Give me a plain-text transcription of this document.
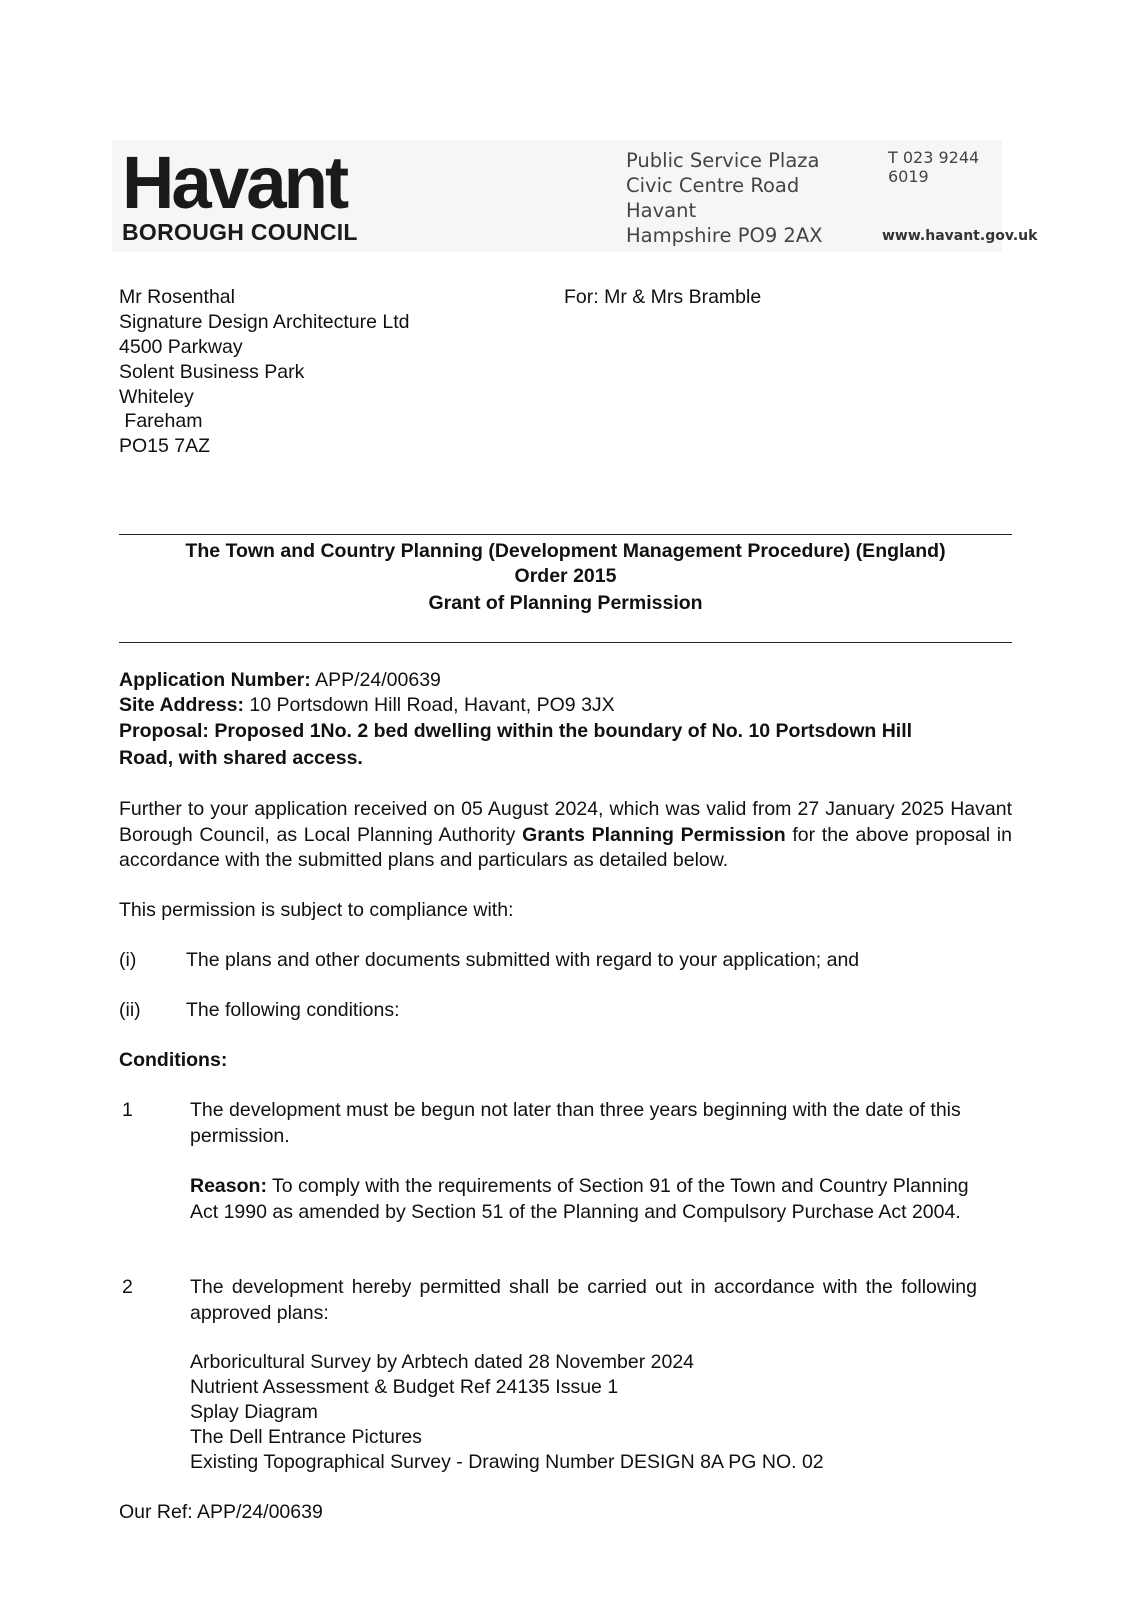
Havant
BOROUGH COUNCIL
Public Service Plaza
Civic Centre Road
Havant
Hampshire PO9 2AX
T 023 9244 6019
www.havant.gov.uk
Mr Rosenthal
Signature Design Architecture Ltd
4500 Parkway
Solent Business Park
Whiteley
Fareham
PO15 7AZ
For: Mr & Mrs Bramble
The Town and Country Planning (Development Management Procedure) (England)
Order 2015
Grant of Planning Permission
Application Number: APP/24/00639
Site Address: 10 Portsdown Hill Road, Havant, PO9 3JX
Proposal: Proposed 1No. 2 bed dwelling within the boundary of No. 10 Portsdown Hill
Road, with shared access.
Further to your application received on 05 August 2024, which was valid from 27 January 2025 Havant Borough Council, as Local Planning Authority Grants Planning Permission for the above proposal in accordance with the submitted plans and particulars as detailed below.
This permission is subject to compliance with:
(i)	The plans and other documents submitted with regard to your application; and
(ii) The following conditions:
Conditions:
1	The development must be begun not later than three years beginning with the date of this permission.
Reason: To comply with the requirements of Section 91 of the Town and Country Planning Act 1990 as amended by Section 51 of the Planning and Compulsory Purchase Act 2004.
2	The development hereby permitted shall be carried out in accordance with the following approved plans:
Arboricultural Survey by Arbtech dated 28 November 2024
Nutrient Assessment & Budget Ref 24135 Issue 1
Splay Diagram
The Dell Entrance Pictures
Existing Topographical Survey - Drawing Number DESIGN 8A PG NO. 02
Our Ref: APP/24/00639
